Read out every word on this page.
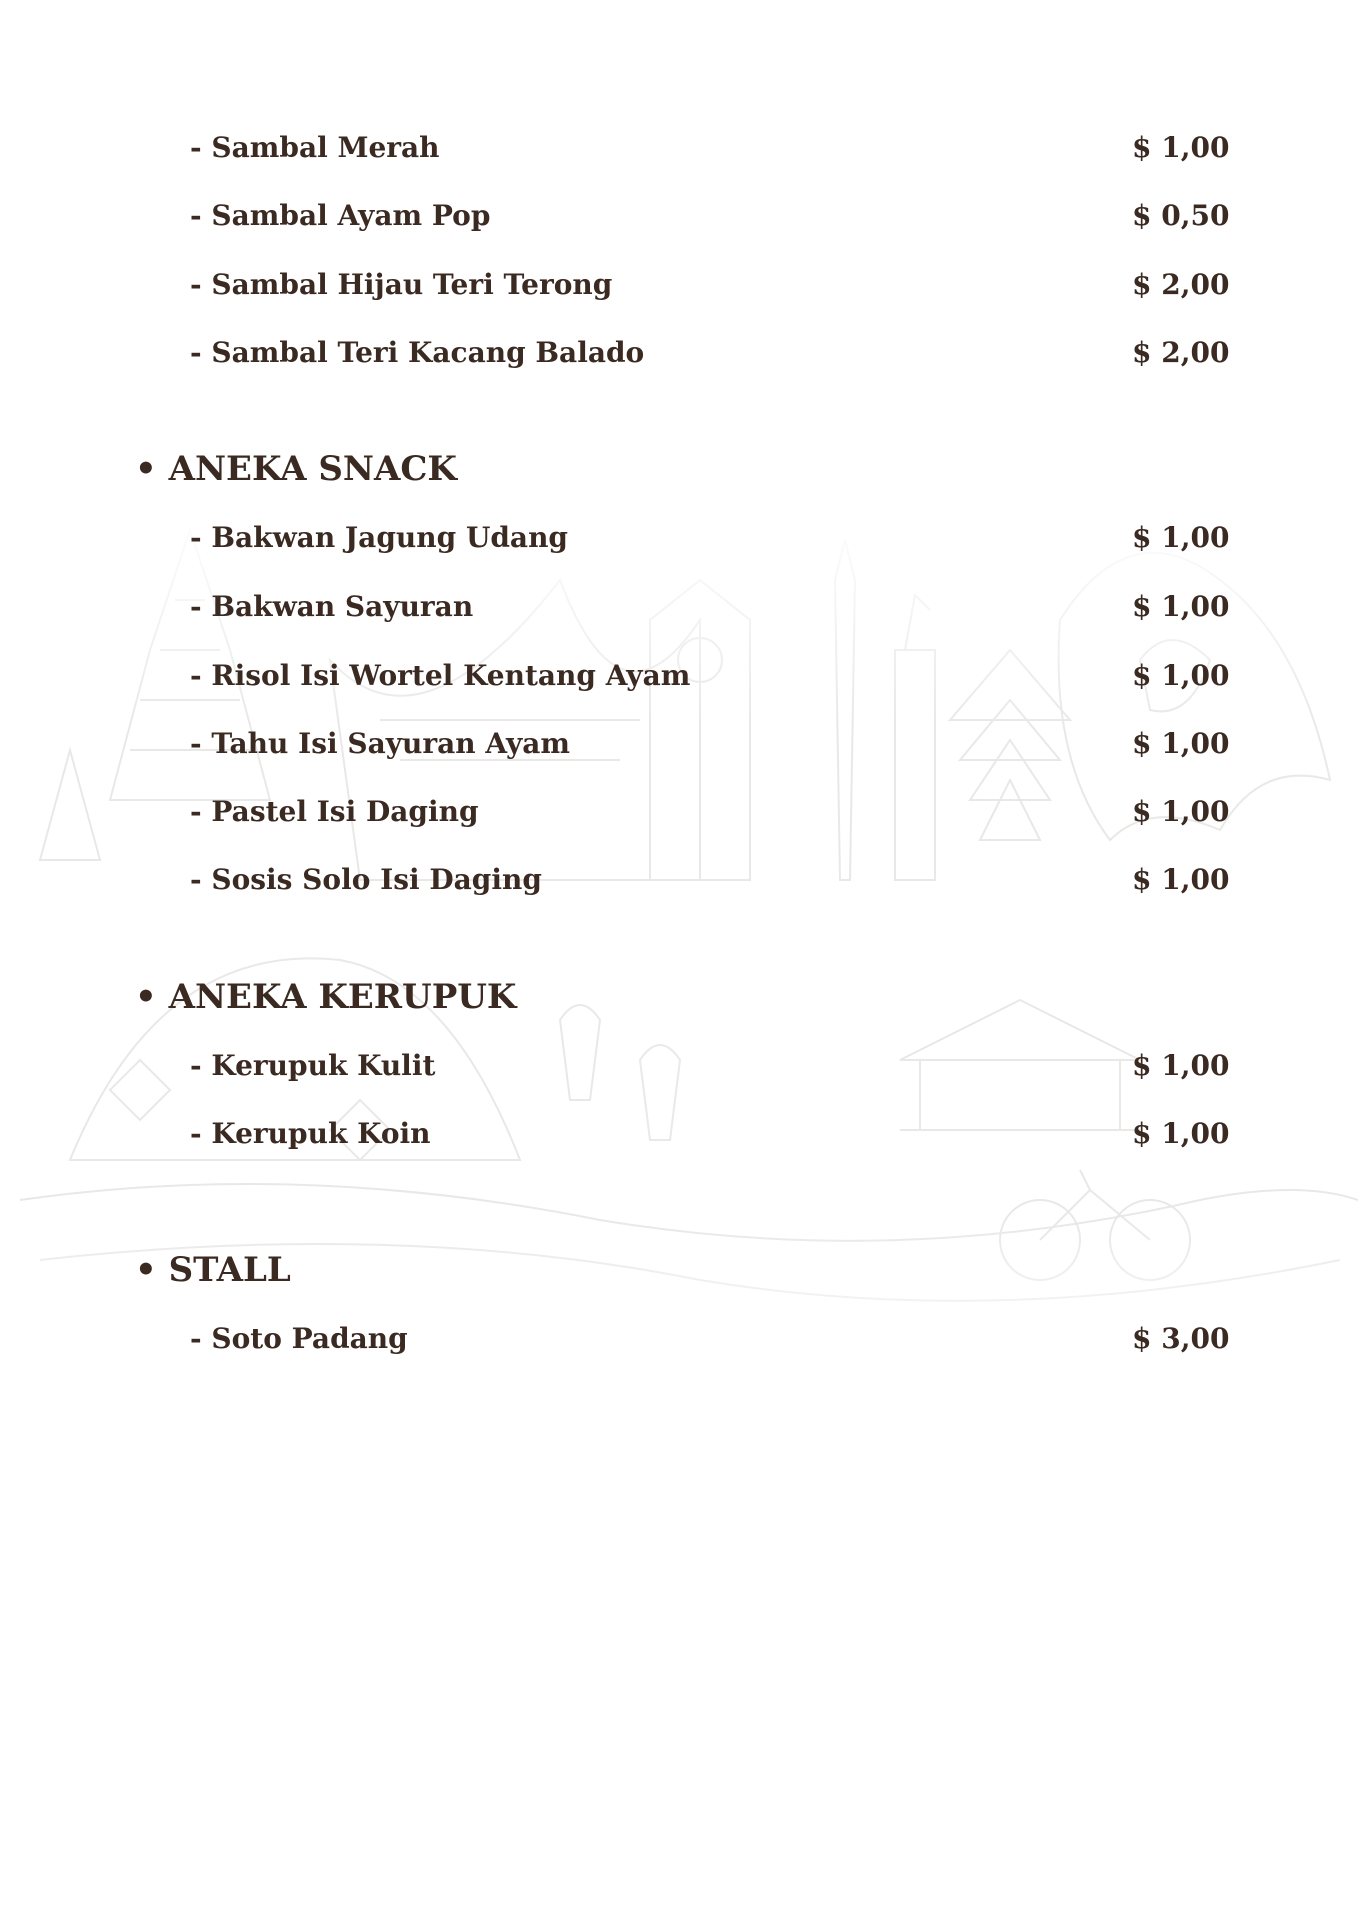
- Sambal Merah	$ 1,00
- Sambal Ayam Pop	$ 0,50
- Sambal Hijau Teri Terong	$ 2,00
- Sambal Teri Kacang Balado	$ 2,00
• ANEKA SNACK
- Bakwan Jagung Udang	$ 1,00
- Bakwan Sayuran	$ 1,00
- Risol Isi Wortel Kentang Ayam	$ 1,00
- Tahu Isi Sayuran Ayam	$ 1,00
- Pastel Isi Daging	$ 1,00
- Sosis Solo Isi Daging	$ 1,00
• ANEKA KERUPUK
- Kerupuk Kulit	$ 1,00
- Kerupuk Koin	$ 1,00
• STALL
- Soto Padang	$ 3,00
